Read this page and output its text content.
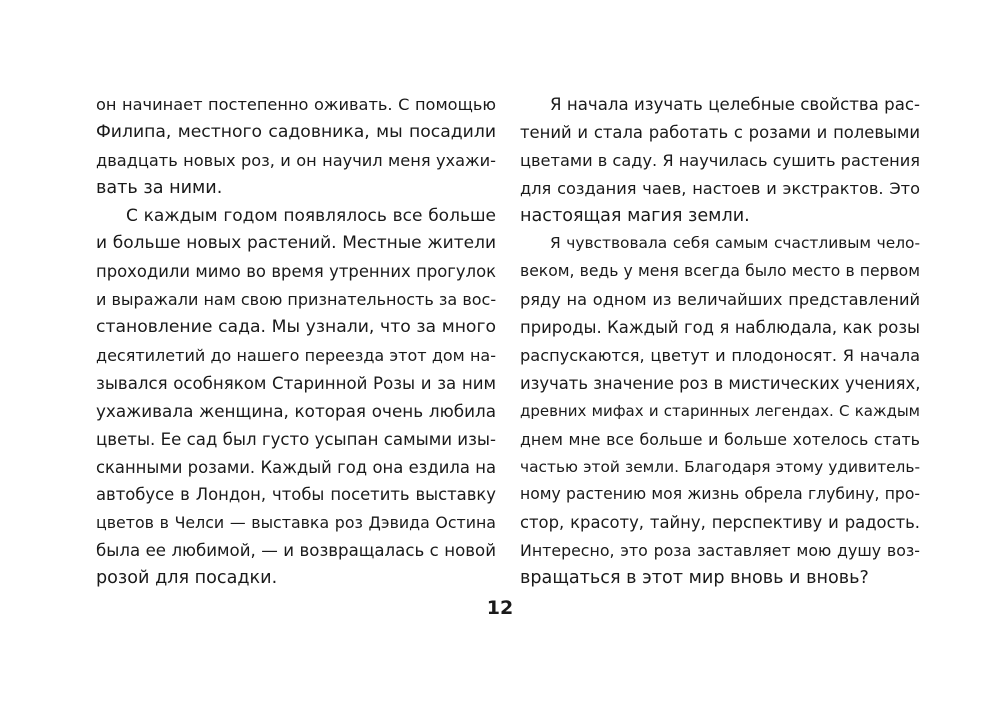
он начинает постепенно оживать. С помощью
Филипа, местного садовника, мы посадили
двадцать новых роз, и он научил меня ухажи-
вать за ними.
С каждым годом появлялось все больше
и больше новых растений. Местные жители
проходили мимо во время утренних прогулок
и выражали нам свою признательность за вос-
становление сада. Мы узнали, что за много
десятилетий до нашего переезда этот дом на-
зывался особняком Старинной Розы и за ним
ухаживала женщина, которая очень любила
цветы. Ее сад был густо усыпан самыми изы-
сканными розами. Каждый год она ездила на
автобусе в Лондон, чтобы посетить выставку
цветов в Челси — выставка роз Дэвида Остина
была ее любимой, — и возвращалась с новой
розой для посадки.
Я начала изучать целебные свойства рас-
тений и стала работать с розами и полевыми
цветами в саду. Я научилась сушить растения
для создания чаев, настоев и экстрактов. Это
настоящая магия земли.
Я чувствовала себя самым счастливым чело-
веком, ведь у меня всегда было место в первом
ряду на одном из величайших представлений
природы. Каждый год я наблюдала, как розы
распускаются, цветут и плодоносят. Я начала
изучать значение роз в мистических учениях,
древних мифах и старинных легендах. С каждым
днем мне все больше и больше хотелось стать
частью этой земли. Благодаря этому удивитель-
ному растению моя жизнь обрела глубину, про-
стор, красоту, тайну, перспективу и радость.
Интересно, это роза заставляет мою душу воз-
вращаться в этот мир вновь и вновь?
12
